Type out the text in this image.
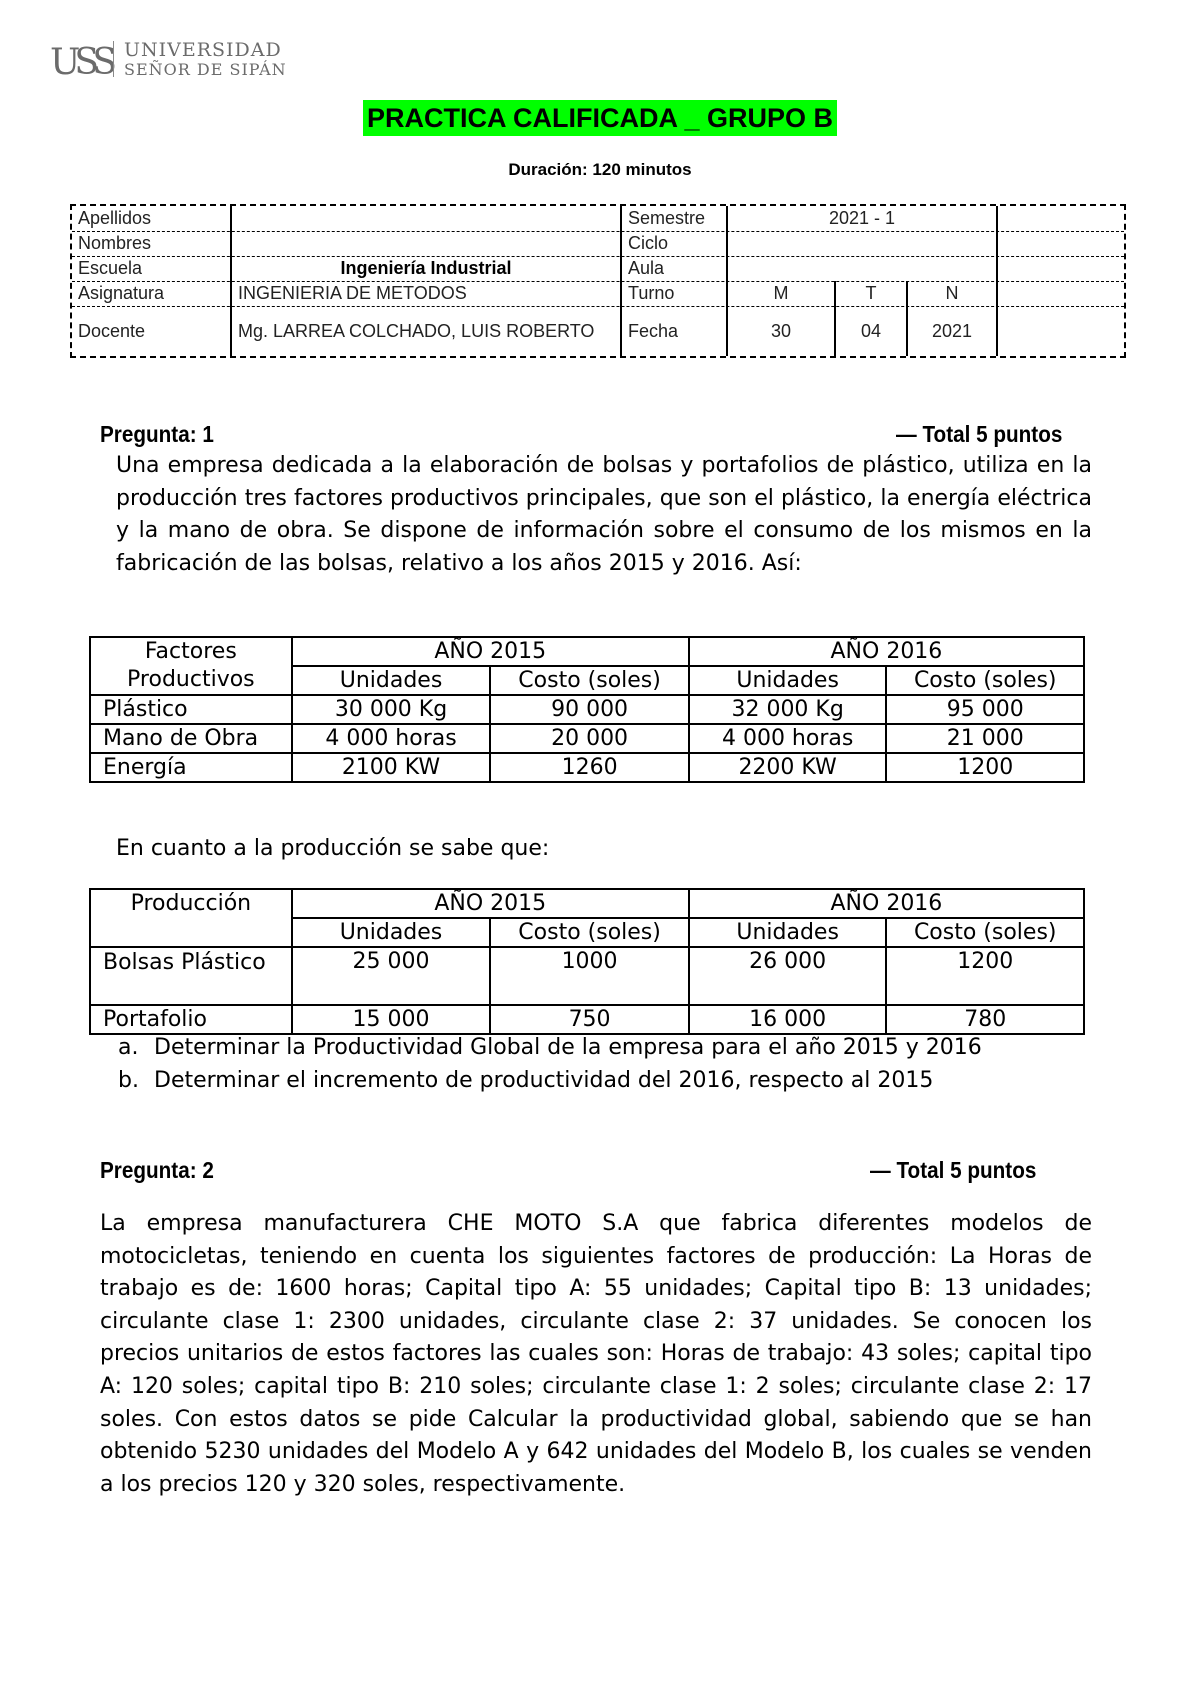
USS UNIVERSIDAD
SEÑOR DE SIPÁN
PRACTICA CALIFICADA _ GRUPO B
Duración: 120 minutos
Apellidos	Semestre	2021 - 1
Nombres	Ciclo
Escuela	Ingeniería Industrial	Aula
Asignatura	INGENIERIA DE METODOS	Turno	M	T	N
Docente	Mg. LARREA COLCHADO, LUIS ROBERTO	Fecha	30	04	2021
Pregunta: 1	— Total 5 puntos
Una empresa dedicada a la elaboración de bolsas y portafolios de plástico, utiliza en la producción tres factores productivos principales, que son el plástico, la energía eléctrica y la mano de obra. Se dispone de información sobre el consumo de los mismos en la fabricación de las bolsas, relativo a los años 2015 y 2016. Así:
Factores Productivos	AÑO 2015		AÑO 2016	
	Unidades	Costo (soles)	Unidades	Costo (soles)
Plástico	30 000 Kg	90 000	32 000 Kg	95 000
Mano de Obra	4 000 horas	20 000	4 000 horas	21 000
Energía	2100 KW	1260	2200 KW	1200
En cuanto a la producción se sabe que:
Producción	AÑO 2015		AÑO 2016	
	Unidades	Costo (soles)	Unidades	Costo (soles)
Bolsas Plástico	25 000	1000	26 000	1200
Portafolio	15 000	750	16 000	780
a. Determinar la Productividad Global de la empresa para el año 2015 y 2016
b. Determinar el incremento de productividad del 2016, respecto al 2015
Pregunta: 2	— Total 5 puntos
La empresa manufacturera CHE MOTO S.A que fabrica diferentes modelos de motocicletas, teniendo en cuenta los siguientes factores de producción: La Horas de trabajo es de: 1600 horas; Capital tipo A: 55 unidades; Capital tipo B: 13 unidades; circulante clase 1: 2300 unidades, circulante clase 2: 37 unidades. Se conocen los precios unitarios de estos factores las cuales son: Horas de trabajo: 43 soles; capital tipo A: 120 soles; capital tipo B: 210 soles; circulante clase 1: 2 soles; circulante clase 2: 17 soles. Con estos datos se pide Calcular la productividad global, sabiendo que se han obtenido 5230 unidades del Modelo A y 642 unidades del Modelo B, los cuales se venden a los precios 120 y 320 soles, respectivamente.
